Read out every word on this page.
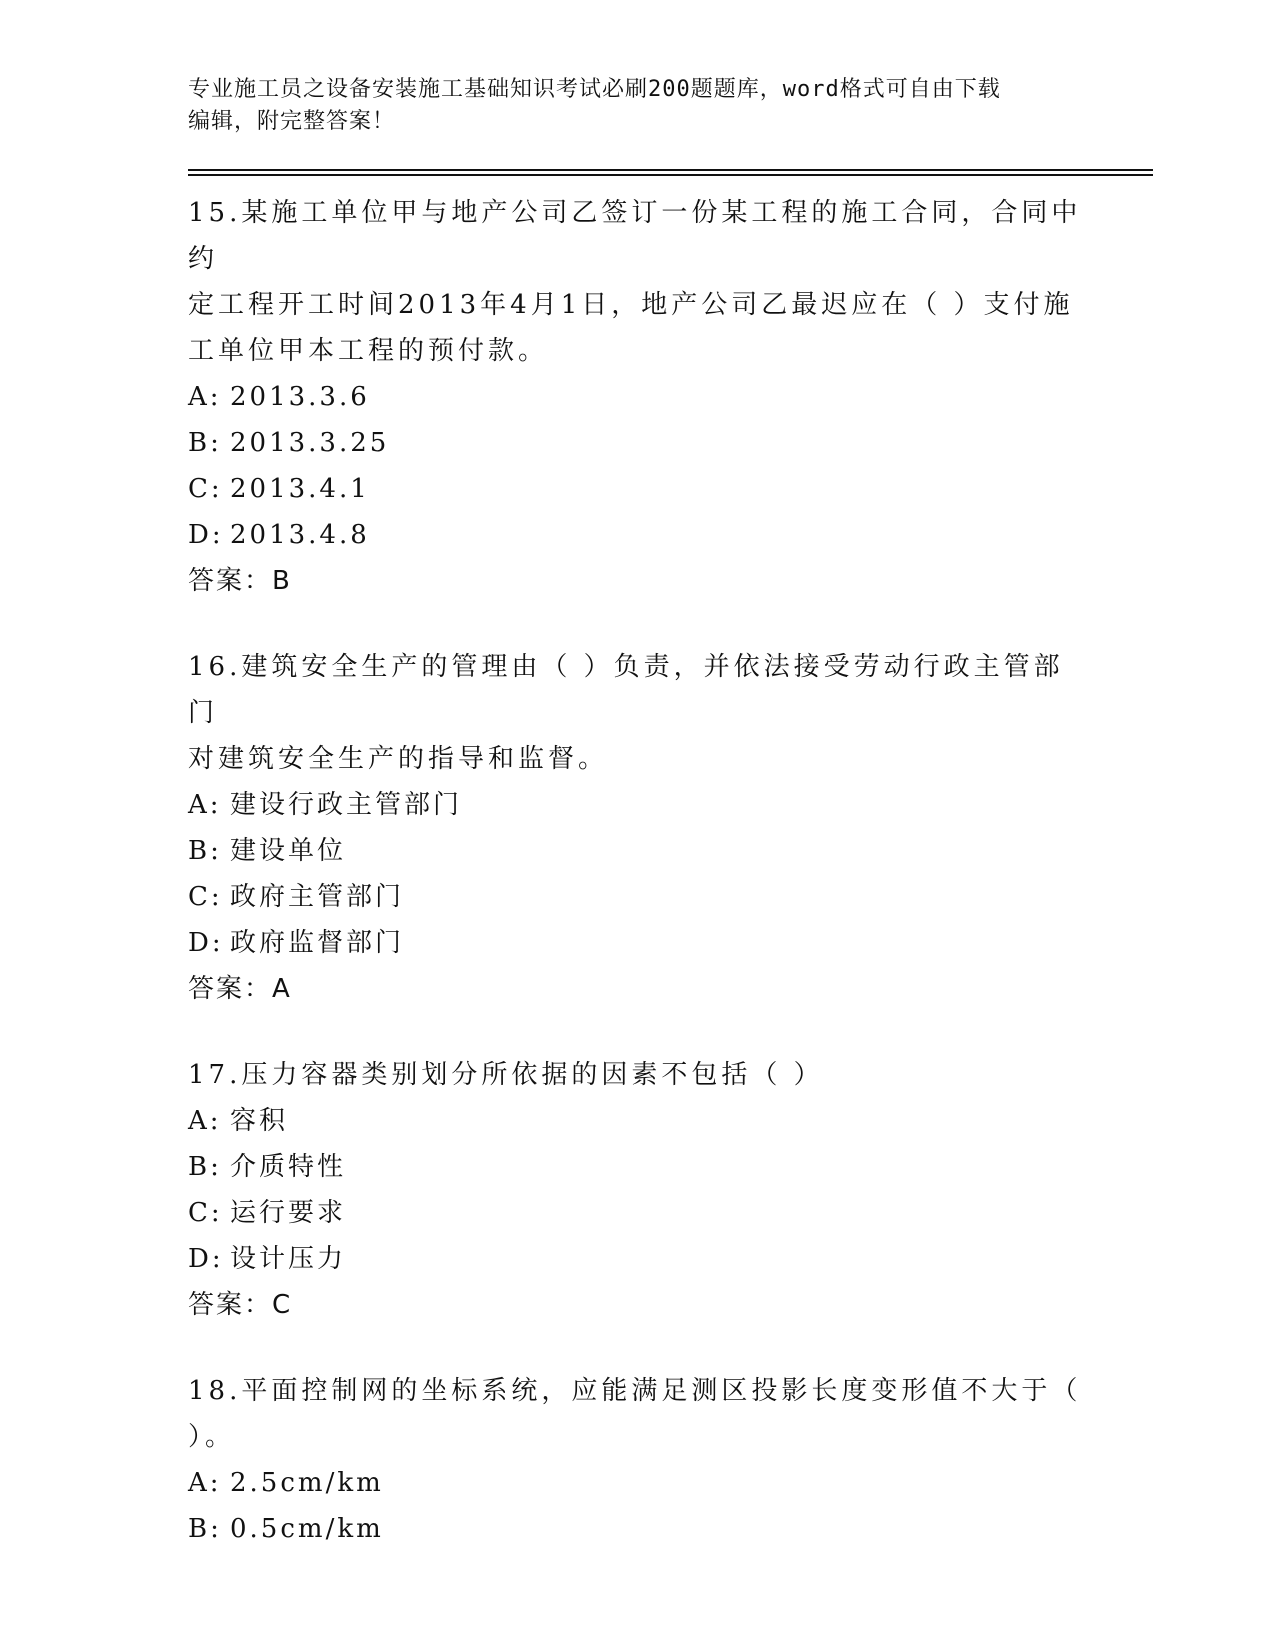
专业施工员之设备安装施工基础知识考试必刷200题题库，word格式可自由下载
编辑，附完整答案！

15.某施工单位甲与地产公司乙签订一份某工程的施工合同，合同中约

定工程开工时间2013年4月1日，地产公司乙最迟应在（ ）支付施

工单位甲本工程的预付款。

A: 2013.3.6

B: 2013.3.25

C: 2013.4.1

D: 2013.4.8

答案：B

16.建筑安全生产的管理由（ ）负责，并依法接受劳动行政主管部门

对建筑安全生产的指导和监督。

A: 建设行政主管部门

B: 建设单位

C: 政府主管部门

D: 政府监督部门

答案：A

17.压力容器类别划分所依据的因素不包括（ ）

A: 容积

B: 介质特性

C: 运行要求

D: 设计压力

答案：C

18.平面控制网的坐标系统，应能满足测区投影长度变形值不大于（

）。

A: 2.5cm/km

B: 0.5cm/km
